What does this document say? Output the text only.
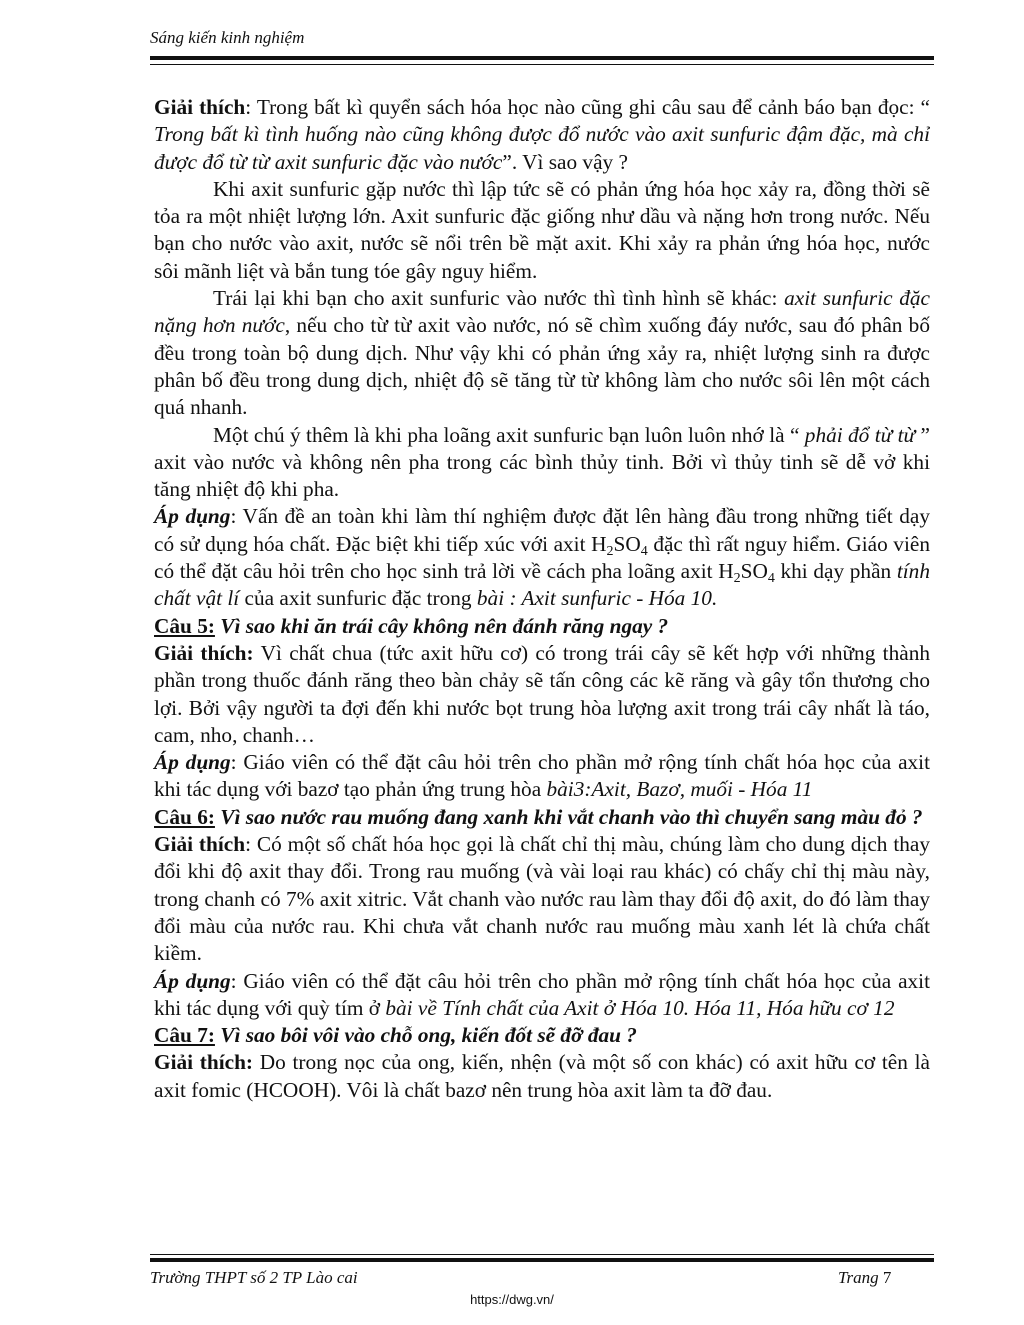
Sáng kiến kinh nghiệm

Giải thích: Trong bất kì quyển sách hóa học nào cũng ghi câu sau để cảnh báo bạn đọc: “ Trong bất kì tình huống nào cũng không được đổ nước vào axit sunfuric đậm đặc, mà chỉ được đổ từ từ axit sunfuric đặc vào nước”. Vì sao vậy ?

Khi axit sunfuric gặp nước thì lập tức sẽ có phản ứng hóa học xảy ra, đồng thời sẽ tỏa ra một nhiệt lượng lớn. Axit sunfuric đặc giống như dầu và nặng hơn trong nước. Nếu bạn cho nước vào axit, nước sẽ nổi trên bề mặt axit. Khi xảy ra phản ứng hóa học, nước sôi mãnh liệt và bắn tung tóe gây nguy hiểm.

Trái lại khi bạn cho axit sunfuric vào nước thì tình hình sẽ khác: axit sunfuric đặc nặng hơn nước, nếu cho từ từ axit vào nước, nó sẽ chìm xuống đáy nước, sau đó phân bố đều trong toàn bộ dung dịch. Như vậy khi có phản ứng xảy ra, nhiệt lượng sinh ra được phân bố đều trong dung dịch, nhiệt độ sẽ tăng từ từ không làm cho nước sôi lên một cách quá nhanh.

Một chú ý thêm là khi pha loãng axit sunfuric bạn luôn luôn nhớ là “ phải đổ từ từ ” axit vào nước và không nên pha trong các bình thủy tinh. Bởi vì thủy tinh sẽ dễ vở khi tăng nhiệt độ khi pha.

Áp dụng: Vấn đề an toàn khi làm thí nghiệm được đặt lên hàng đầu trong những tiết dạy có sử dụng hóa chất. Đặc biệt khi tiếp xúc với axit $H_2SO_4$ đặc thì rất nguy hiểm. Giáo viên có thể đặt câu hỏi trên cho học sinh trả lời về cách pha loãng axit $H_2SO_4$ khi dạy phần tính chất vật lí của axit sunfuric đặc trong bài : Axit sunfuric - Hóa 10.

Câu 5: Vì sao khi ăn trái cây không nên đánh răng ngay ?

Giải thích: Vì chất chua (tức axit hữu cơ) có trong trái cây sẽ kết hợp với những thành phần trong thuốc đánh răng theo bàn chảy sẽ tấn công các kẽ răng và gây tổn thương cho lợi. Bởi vậy người ta đợi đến khi nước bọt trung hòa lượng axit trong trái cây nhất là táo, cam, nho, chanh…

Áp dụng: Giáo viên có thể đặt câu hỏi trên cho phần mở rộng tính chất hóa học của axit khi tác dụng với bazơ tạo phản ứng trung hòa bài3:Axit, Bazơ, muối - Hóa 11

Câu 6: Vì sao nước rau muống đang xanh khi vắt chanh vào thì chuyển sang màu đỏ ?

Giải thích: Có một số chất hóa học gọi là chất chỉ thị màu, chúng làm cho dung dịch thay đổi khi độ axit thay đổi. Trong rau muống (và vài loại rau khác) có chấy chỉ thị màu này, trong chanh có 7% axit xitric. Vắt chanh vào nước rau làm thay đổi độ axit, do đó làm thay đổi màu của nước rau. Khi chưa vắt chanh nước rau muống màu xanh lét là chứa chất kiềm.

Áp dụng: Giáo viên có thể đặt câu hỏi trên cho phần mở rộng tính chất hóa học của axit khi tác dụng với quỳ tím ở bài về Tính chất của Axit ở Hóa 10. Hóa 11, Hóa hữu cơ 12

Câu 7: Vì sao bôi vôi vào chỗ ong, kiến đốt sẽ đỡ đau ?

Giải thích: Do trong nọc của ong, kiến, nhện (và một số con khác) có axit hữu cơ tên là axit fomic (HCOOH). Vôi là chất bazơ nên trung hòa axit làm ta đỡ đau.

Trường THPT số 2 TP Lào cai	Trang 7
https://dwg.vn/
